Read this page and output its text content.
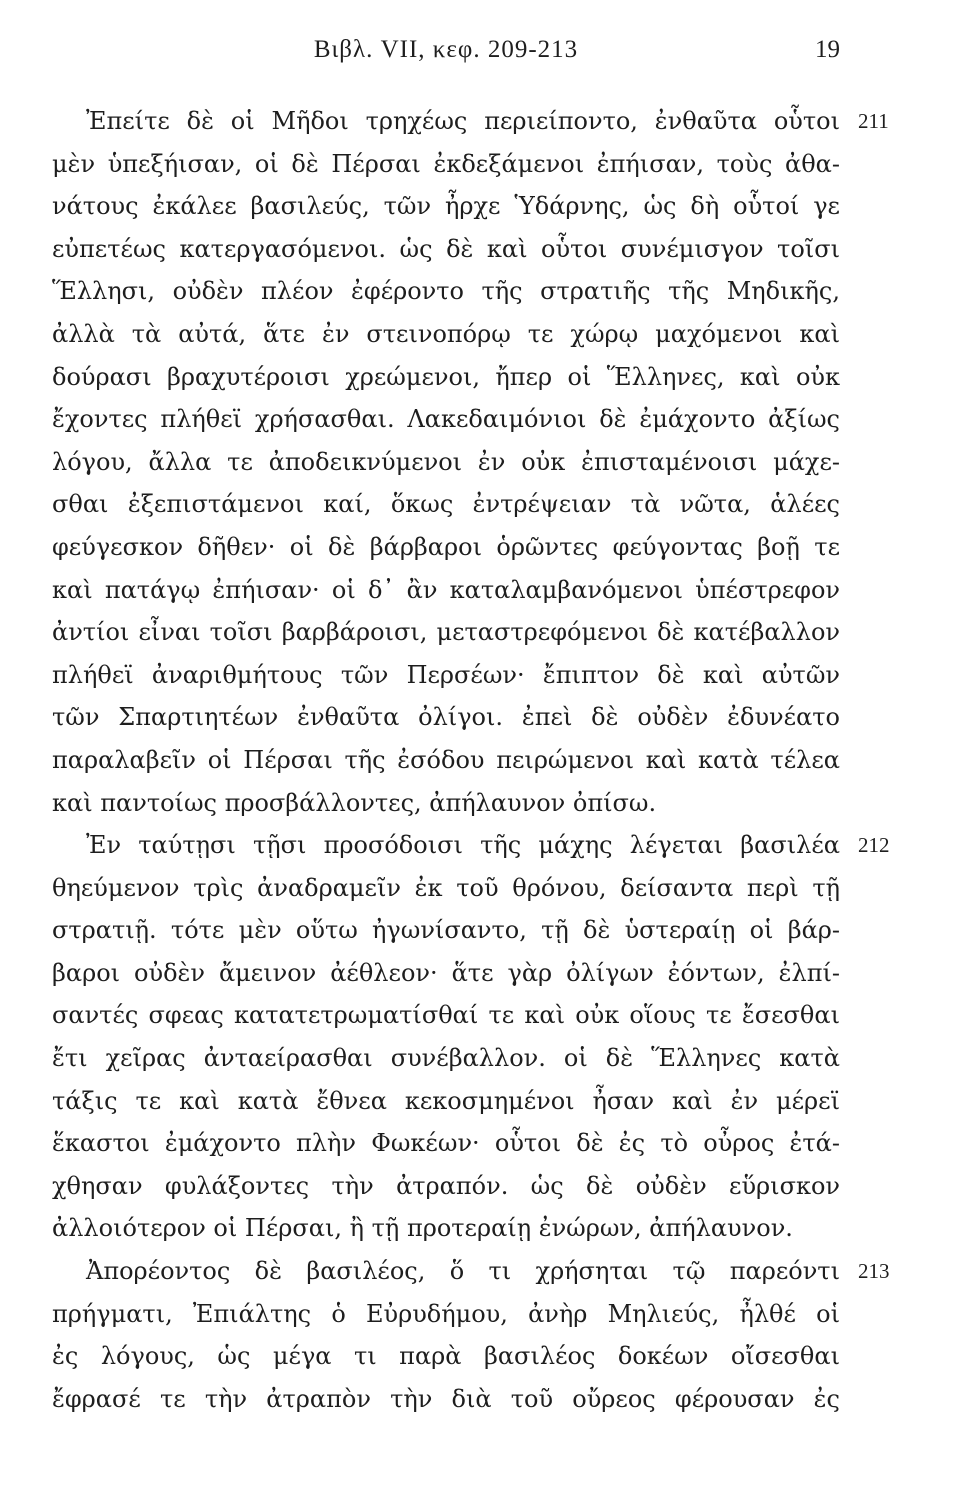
Βιβλ. VII, κεφ. 209-213	19
Ἐπείτε δὲ οἱ Μῆδοι τρηχέως περιείποντο, ἐνθαῦτα οὗτοι 211
μὲν ὑπεξήισαν, οἱ δὲ Πέρσαι ἐκδεξάμενοι ἐπήισαν, τοὺς ἀθα-
νάτους ἐκάλεε βασιλεύς, τῶν ἦρχε Ὑδάρνης, ὡς δὴ οὗτοί γε
εὐπετέως κατεργασόμενοι. ὡς δὲ καὶ οὗτοι συνέμισγον τοῖσι
Ἕλλησι, οὐδὲν πλέον ἐφέροντο τῆς στρατιῆς τῆς Μηδικῆς,
ἀλλὰ τὰ αὐτά, ἅτε ἐν στεινοπόρῳ τε χώρῳ μαχόμενοι καὶ
δούρασι βραχυτέροισι χρεώμενοι, ἤπερ οἱ Ἕλληνες, καὶ οὐκ
ἔχοντες πλήθεϊ χρήσασθαι. Λακεδαιμόνιοι δὲ ἐμάχοντο ἀξίως
λόγου, ἄλλα τε ἀποδεικνύμενοι ἐν οὐκ ἐπισταμένοισι μάχε-
σθαι ἐξεπιστάμενοι καί, ὅκως ἐντρέψειαν τὰ νῶτα, ἁλέες
φεύγεσκον δῆθεν· οἱ δὲ βάρβαροι ὁρῶντες φεύγοντας βοῇ τε
καὶ πατάγῳ ἐπήισαν· οἱ δ᾽ ἂν καταλαμβανόμενοι ὑπέστρεφον
ἀντίοι εἶναι τοῖσι βαρβάροισι, μεταστρεφόμενοι δὲ κατέβαλλον
πλήθεϊ ἀναριθμήτους τῶν Περσέων· ἔπιπτον δὲ καὶ αὐτῶν
τῶν Σπαρτιητέων ἐνθαῦτα ὀλίγοι. ἐπεὶ δὲ οὐδὲν ἐδυνέατο
παραλαβεῖν οἱ Πέρσαι τῆς ἐσόδου πειρώμενοι καὶ κατὰ τέλεα
καὶ παντοίως προσβάλλοντες, ἀπήλαυνον ὀπίσω.
Ἐν ταύτῃσι τῇσι προσόδοισι τῆς μάχης λέγεται βασιλέα 212
θηεύμενον τρὶς ἀναδραμεῖν ἐκ τοῦ θρόνου, δείσαντα περὶ τῇ
στρατιῇ. τότε μὲν οὕτω ἠγωνίσαντο, τῇ δὲ ὑστεραίῃ οἱ βάρ-
βαροι οὐδὲν ἄμεινον ἀέθλεον· ἅτε γὰρ ὀλίγων ἐόντων, ἐλπί-
σαντές σφεας κατατετρωματίσθαί τε καὶ οὐκ οἵους τε ἔσεσθαι
ἔτι χεῖρας ἀνταείρασθαι συνέβαλλον. οἱ δὲ Ἕλληνες κατὰ
τάξις τε καὶ κατὰ ἔθνεα κεκοσμημένοι ἦσαν καὶ ἐν μέρεϊ
ἕκαστοι ἐμάχοντο πλὴν Φωκέων· οὗτοι δὲ ἐς τὸ οὖρος ἐτά-
χθησαν φυλάξοντες τὴν ἀτραπόν. ὡς δὲ οὐδὲν εὕρισκον
ἀλλοιότερον οἱ Πέρσαι, ἢ τῇ προτεραίῃ ἐνώρων, ἀπήλαυνον.
Ἀπορέοντος δὲ βασιλέος, ὅ τι χρήσηται τῷ παρεόντι 213
πρήγματι, Ἐπιάλτης ὁ Εὐρυδήμου, ἀνὴρ Μηλιεύς, ἦλθέ οἱ
ἐς λόγους, ὡς μέγα τι παρὰ βασιλέος δοκέων οἴσεσθαι
ἔφρασέ τε τὴν ἀτραπὸν τὴν διὰ τοῦ οὔρεος φέρουσαν ἐς
